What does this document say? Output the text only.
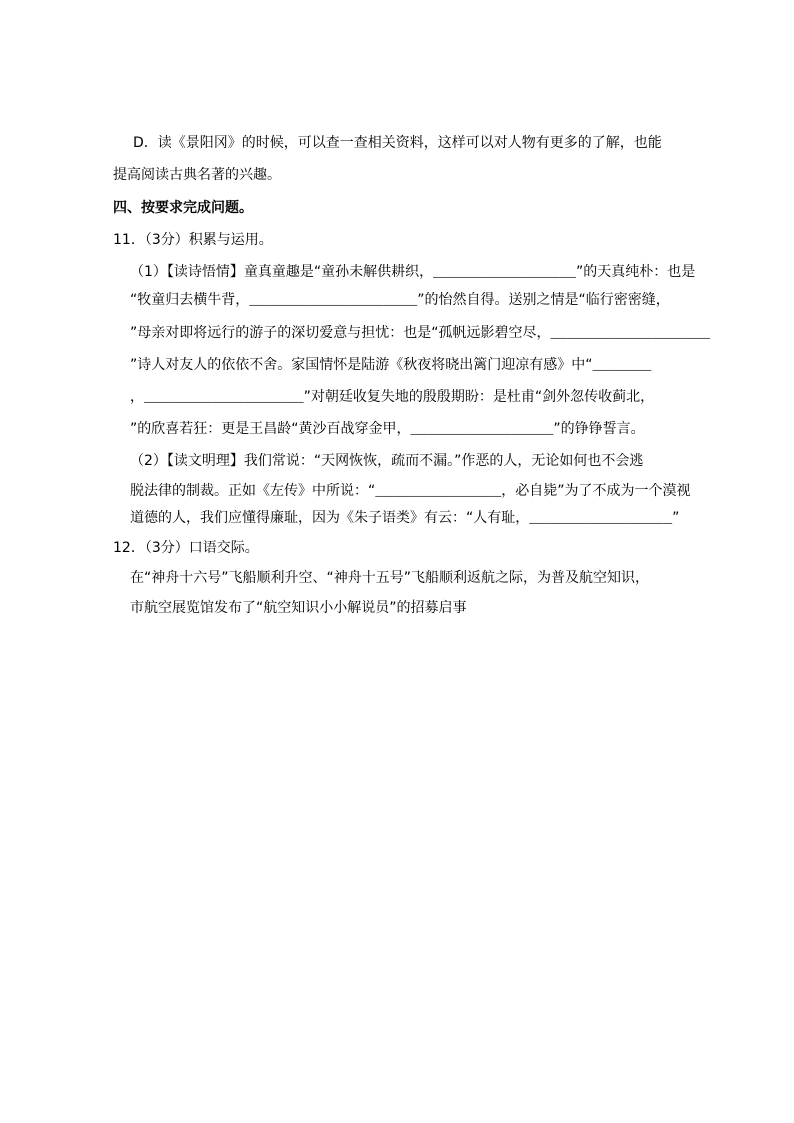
D．读《景阳冈》的时候，可以查一查相关资料，这样可以对人物有更多的了解，也能
提高阅读古典名著的兴趣。
四、按要求完成问题。
11．（3分）积累与运用。
（1）【读诗悟情】童真童趣是“童孙未解供耕织，_________________”的天真纯朴：也是
“牧童归去横牛背，____________________”的怡然自得。送别之情是“临行密密缝，
”母亲对即将远行的游子的深切爱意与担忧：也是“孤帆远影碧空尽，___________________
”诗人对友人的依依不舍。家国情怀是陆游《秋夜将晓出篱门迎凉有感》中“_______
，___________________”对朝廷收复失地的殷殷期盼：是杜甫“剑外忽传收蓟北，
”的欣喜若狂：更是王昌龄“黄沙百战穿金甲，_________________”的铮铮誓言。
（2）【读文明理】我们常说：“天网恢恢，疏而不漏。”作恶的人，无论如何也不会逃
脱法律的制裁。正如《左传》中所说：“_______________，必自毙”为了不成为一个漠视
道德的人，我们应懂得廉耻，因为《朱子语类》有云：“人有耻，_________________”
12．（3分）口语交际。
在“神舟十六号”飞船顺利升空、“神舟十五号”飞船顺利返航之际，为普及航空知识，
市航空展览馆发布了“航空知识小小解说员”的招募启事
